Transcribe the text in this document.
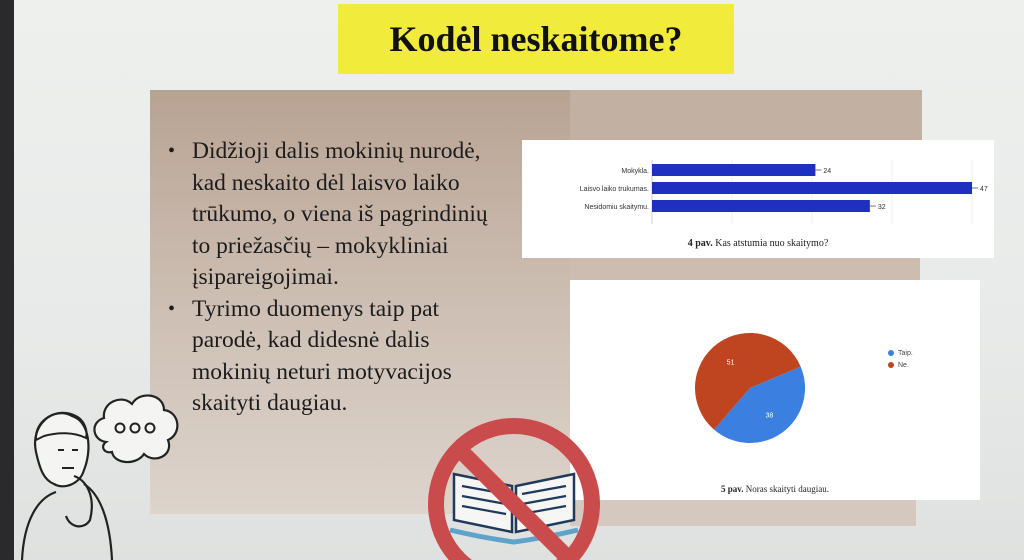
Kodėl neskaitome?

• Didžioji dalis mokinių nurodė, kad neskaito dėl laisvo laiko trūkumo, o viena iš pagrindinių to priežasčių – mokykliniai įsipareigojimai.

• Tyrimo duomenys taip pat parodė, kad didesnė dalis mokinių neturi motyvacijos skaityti daugiau.

Mokykla.	24
Laisvo laiko trukumas.	47
Nesidomiu skaitymu.	32
4 pav. Kas atstumia nuo skaitymo?
38
51
Taip.
Ne.
5 pav. Noras skaityti daugiau.
